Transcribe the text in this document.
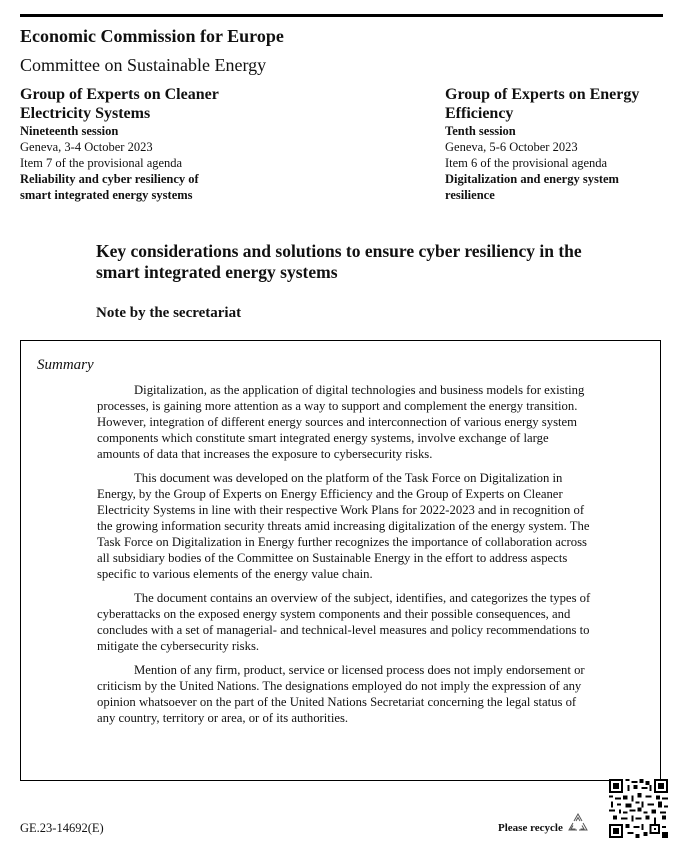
Economic Commission for Europe
Committee on Sustainable Energy
Group of Experts on Cleaner Electricity Systems
Nineteenth session
Geneva, 3-4 October 2023
Item 7 of the provisional agenda
Reliability and cyber resiliency of smart integrated energy systems
Group of Experts on Energy Efficiency
Tenth session
Geneva, 5-6 October 2023
Item 6 of the provisional agenda
Digitalization and energy system resilience
Key considerations and solutions to ensure cyber resiliency in the smart integrated energy systems
Note by the secretariat
Summary

Digitalization, as the application of digital technologies and business models for existing processes, is gaining more attention as a way to support and complement the energy transition. However, integration of different energy sources and interconnection of various energy system components which constitute smart integrated energy systems, involve exchange of large amounts of data that increases the exposure to cybersecurity risks.

This document was developed on the platform of the Task Force on Digitalization in Energy, by the Group of Experts on Energy Efficiency and the Group of Experts on Cleaner Electricity Systems in line with their respective Work Plans for 2022-2023 and in recognition of the growing information security threats amid increasing digitalization of the energy system. The Task Force on Digitalization in Energy further recognizes the importance of collaboration across all subsidiary bodies of the Committee on Sustainable Energy in the effort to address aspects specific to various elements of the energy value chain.

The document contains an overview of the subject, identifies, and categorizes the types of cyberattacks on the exposed energy system components and their possible consequences, and concludes with a set of managerial- and technical-level measures and policy recommendations to mitigate the cybersecurity risks.

Mention of any firm, product, service or licensed process does not imply endorsement or criticism by the United Nations. The designations employed do not imply the expression of any opinion whatsoever on the part of the United Nations Secretariat concerning the legal status of any country, territory or area, or of its authorities.

GE.23-14692(E)	Please recycle
